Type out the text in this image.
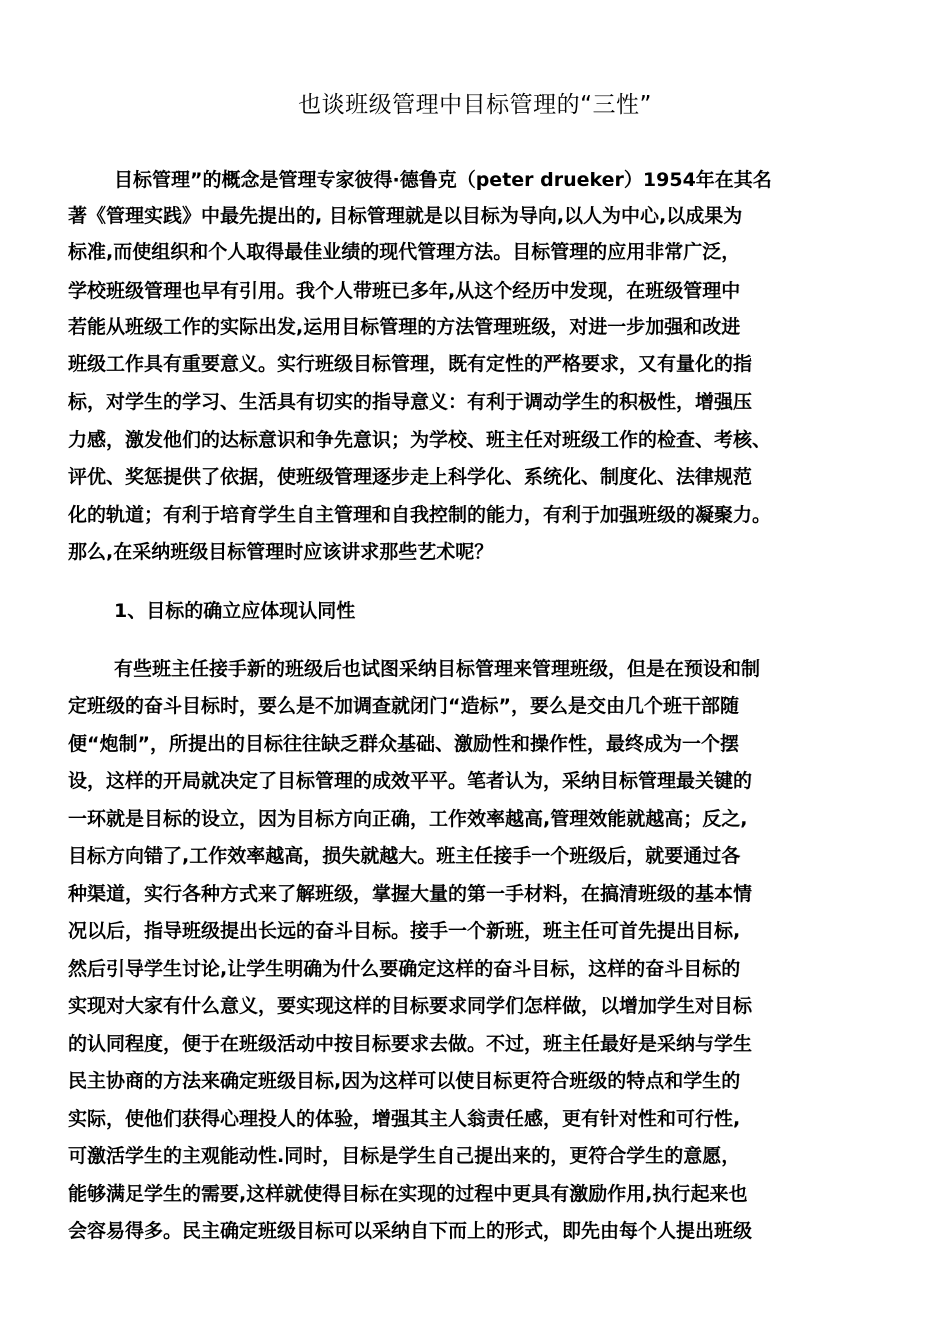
也谈班级管理中目标管理的“三性”

目标管理”的概念是管理专家彼得·德鲁克（peter drueker）1954年在其名

著《管理实践》中最先提出的, 目标管理就是以目标为导向,以人为中心,以成果为

标准,而使组织和个人取得最佳业绩的现代管理方法。目标管理的应用非常广泛，

学校班级管理也早有引用。我个人带班已多年,从这个经历中发现，在班级管理中

若能从班级工作的实际出发,运用目标管理的方法管理班级，对进一步加强和改进

班级工作具有重要意义。实行班级目标管理，既有定性的严格要求，又有量化的指

标，对学生的学习、生活具有切实的指导意义：有利于调动学生的积极性，增强压

力感，激发他们的达标意识和争先意识；为学校、班主任对班级工作的检查、考核、

评优、奖惩提供了依据，使班级管理逐步走上科学化、系统化、制度化、法律规范

化的轨道；有利于培育学生自主管理和自我控制的能力，有利于加强班级的凝聚力。

那么,在采纳班级目标管理时应该讲求那些艺术呢？

1、目标的确立应体现认同性

有些班主任接手新的班级后也试图采纳目标管理来管理班级，但是在预设和制

定班级的奋斗目标时，要么是不加调查就闭门“造标”，要么是交由几个班干部随

便“炮制”，所提出的目标往往缺乏群众基础、激励性和操作性，最终成为一个摆

设，这样的开局就决定了目标管理的成效平平。笔者认为，采纳目标管理最关键的

一环就是目标的设立，因为目标方向正确，工作效率越高,管理效能就越高；反之,

目标方向错了,工作效率越高，损失就越大。班主任接手一个班级后，就要通过各

种渠道，实行各种方式来了解班级，掌握大量的第一手材料，在搞清班级的基本情

况以后，指导班级提出长远的奋斗目标。接手一个新班，班主任可首先提出目标,

然后引导学生讨论,让学生明确为什么要确定这样的奋斗目标，这样的奋斗目标的

实现对大家有什么意义，要实现这样的目标要求同学们怎样做，以增加学生对目标

的认同程度，便于在班级活动中按目标要求去做。不过，班主任最好是采纳与学生

民主协商的方法来确定班级目标,因为这样可以使目标更符合班级的特点和学生的

实际，使他们获得心理投人的体验，增强其主人翁责任感，更有针对性和可行性,

可激活学生的主观能动性.同时，目标是学生自己提出来的，更符合学生的意愿，

能够满足学生的需要,这样就使得目标在实现的过程中更具有激励作用,执行起来也

会容易得多。民主确定班级目标可以采纳自下而上的形式，即先由每个人提出班级
